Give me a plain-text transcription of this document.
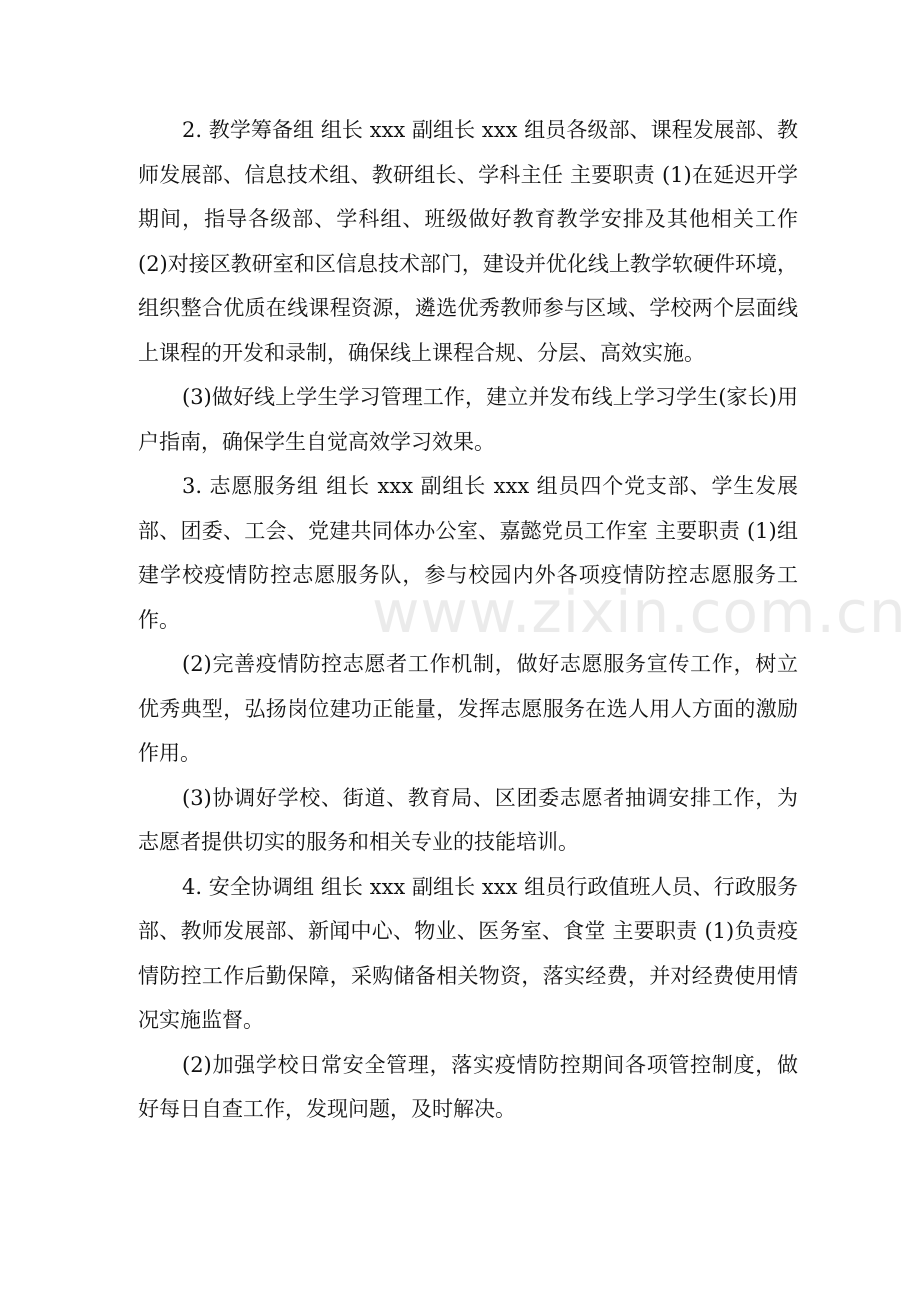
www.zixin.com.cn

2. 教学筹备组 组长 xxx 副组长 xxx 组员各级部、课程发展部、教师发展部、信息技术组、教研组长、学科主任 主要职责 (1)在延迟开学期间，指导各级部、学科组、班级做好教育教学安排及其他相关工作 (2)对接区教研室和区信息技术部门，建设并优化线上教学软硬件环境，组织整合优质在线课程资源，遴选优秀教师参与区域、学校两个层面线上课程的开发和录制，确保线上课程合规、分层、高效实施。

(3)做好线上学生学习管理工作，建立并发布线上学习学生(家长)用户指南，确保学生自觉高效学习效果。

3. 志愿服务组 组长 xxx 副组长 xxx 组员四个党支部、学生发展部、团委、工会、党建共同体办公室、嘉懿党员工作室 主要职责 (1)组建学校疫情防控志愿服务队，参与校园内外各项疫情防控志愿服务工作。

(2)完善疫情防控志愿者工作机制，做好志愿服务宣传工作，树立优秀典型，弘扬岗位建功正能量，发挥志愿服务在选人用人方面的激励作用。

(3)协调好学校、街道、教育局、区团委志愿者抽调安排工作，为志愿者提供切实的服务和相关专业的技能培训。

4. 安全协调组 组长 xxx 副组长 xxx 组员行政值班人员、行政服务部、教师发展部、新闻中心、物业、医务室、食堂 主要职责 (1)负责疫情防控工作后勤保障，采购储备相关物资，落实经费，并对经费使用情况实施监督。

(2)加强学校日常安全管理，落实疫情防控期间各项管控制度，做好每日自查工作，发现问题，及时解决。
